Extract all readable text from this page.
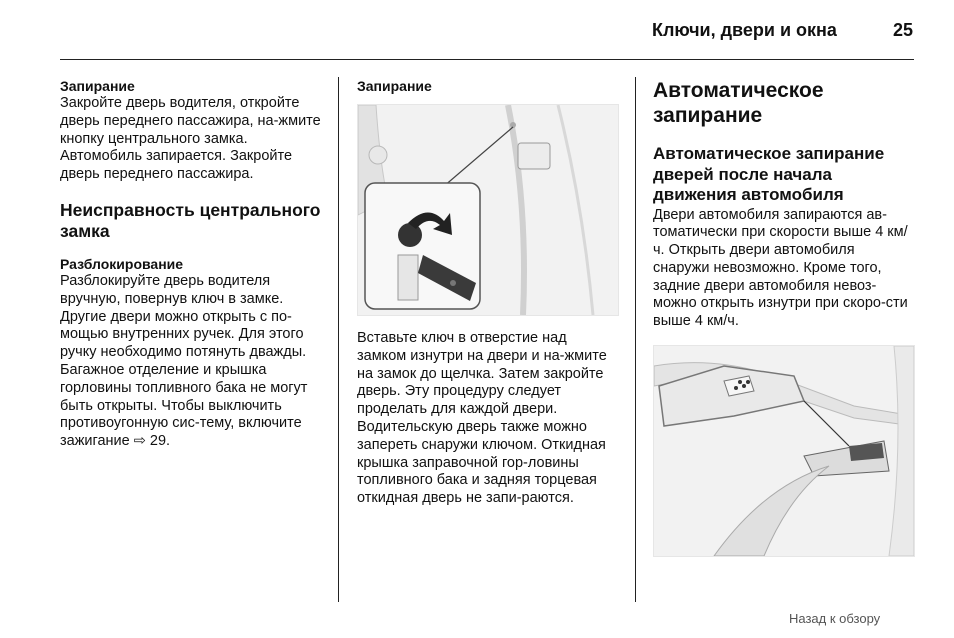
Ключи, двери и окна	25

Запирание

Закройте дверь водителя, откройте дверь переднего пассажира, на-жмите кнопку центрального замка. Автомобиль запирается. Закройте дверь переднего пассажира.

Неисправность центрального замка

Разблокирование

Разблокируйте дверь водителя вручную, повернув ключ в замке. Другие двери можно открыть с по-мощью внутренних ручек. Для этого ручку необходимо потянуть дважды. Багажное отделение и крышка горловины топливного бака не могут быть открыты. Чтобы выключить противоугонную сис-тему, включите зажигание ⇨ 29.

Запирание

Вставьте ключ в отверстие над замком изнутри на двери и на-жмите на замок до щелчка. Затем закройте дверь. Эту процедуру следует проделать для каждой двери. Водительскую дверь также можно запереть снаружи ключом. Откидная крышка заправочной гор-ловины топливного бака и задняя торцевая откидная дверь не запи-раются.

Автоматическое запирание

Автоматическое запирание дверей после начала движения автомобиля

Двери автомобиля запираются ав-томатически при скорости выше 4 км/ч. Открыть двери автомобиля снаружи невозможно. Кроме того, задние двери автомобиля невоз-можно открыть изнутри при скоро-сти выше 4 км/ч.

Назад к обзору
